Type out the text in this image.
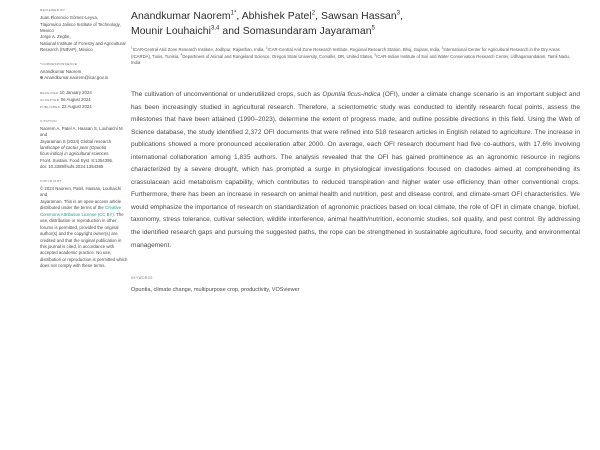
REVIEWED BY
Juan Florencio Gómez-Leyva,
Tlajomulco Jalisco Institute of Technology,
Mexico
Jorge A. Zegbe,
National Institute of Forestry and Agricultural
Research (INIFAP), Mexico
*CORRESPONDENCE
Anandkumar Naorem
Anandkumar.naorem@icar.gov.in
RECEIVED 10 January 2024
ACCEPTED 06 August 2024
PUBLISHED 22 August 2024
CITATION
Naorem A, Patel A, Hassan S, Louhaichi M and
Jayaraman S (2024) Global research
landscape of cactus pear (Opuntia
ficus-indica) in agricultural sciences.
Front. Sustain. Food Syst. 8:1354395.
doi: 10.3389/fsufs.2024.1354395
COPYRIGHT
© 2024 Naorem, Patel, Hassan, Louhaichi and
Jayaraman. This is an open-access article
distributed under the terms of the Creative Commons Attribution License (CC BY). The use, distribution or reproduction in other forums is permitted, provided the original author(s) and the copyright owner(s) are credited and that the original publication in this journal is cited, in accordance with accepted academic practice. No use, distribution or reproduction is permitted which does not comply with these terms.
Anandkumar Naorem$^{1*}$, Abhishek Patel$^2$, Sawsan Hassan$^3$,
Mounir Louhaichi$^{3,4}$ and Somasundaram Jayaraman$^5$

$^1$ICAR-Central Arid Zone Research Institute, Jodhpur, Rajasthan, India, $^2$ICAR-Central Arid Zone Research Institute, Regional Research Station, Bhuj, Gujarat, India, $^3$International Center for Agricultural Research in the Dry Areas (ICARDA), Tunis, Tunisia, $^4$Department of Animal and Rangeland Science, Oregon State University, Corvallis, OR, United States, $^5$ICAR-Indian Institute of Soil and Water Conservation Research Center, Udhagamandalam, Tamil Nadu, India

The cultivation of unconventional or underutilized crops, such as Opuntia ficus-indica (OFI), under a climate change scenario is an important subject and has been increasingly studied in agricultural research. Therefore, a scientometric study was conducted to identify research focal points, assess the milestones that have been attained (1990–2023), determine the extent of progress made, and outline possible directions in this field. Using the Web of Science database, the study identified 2,372 OFI documents that were refined into 518 research articles in English related to agriculture. The increase in publications showed a more pronounced acceleration after 2000. On average, each OFI research document had five co-authors, with 17.6% involving international collaboration among 1,835 authors. The analysis revealed that the OFI has gained prominence as an agronomic resource in regions characterized by a severe drought, which has prompted a surge in physiological investigations focused on cladodes aimed at comprehending its crassulacean acid metabolism capability, which contributes to reduced transpiration and higher water use efficiency than other conventional crops. Furthermore, there has been an increase in research on animal health and nutrition, pest and disease control, and climate-smart OFI characteristics. We would emphasize the importance of research on standardization of agronomic practices based on local climate, the role of OFI in climate change, biofuel, taxonomy, stress tolerance, cultivar selection, wildlife interference, animal health/nutrition, economic studies, soil quality, and pest control. By addressing the identified research gaps and pursuing the suggested paths, the rope can be strengthened in sustainable agriculture, food security, and environmental management.

KEYWORDS
Opuntia, climate change, multipurpose crop, productivity, VOSviewer
